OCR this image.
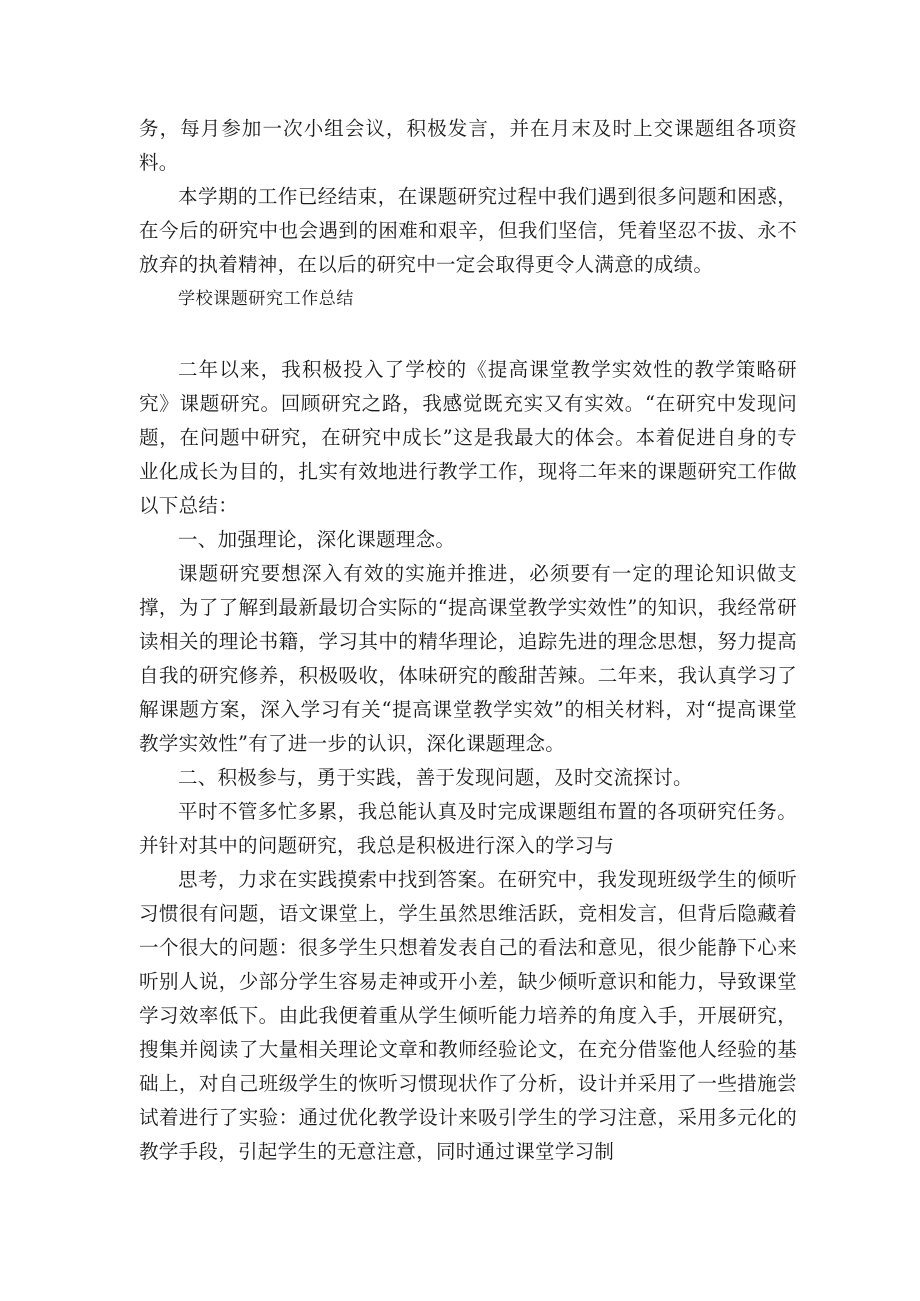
务，每月参加一次小组会议，积极发言，并在月末及时上交课题组各项资料。

本学期的工作已经结束，在课题研究过程中我们遇到很多问题和困惑，在今后的研究中也会遇到的困难和艰辛，但我们坚信，凭着坚忍不拔、永不放弃的执着精神，在以后的研究中一定会取得更令人满意的成绩。

学校课题研究工作总结

二年以来，我积极投入了学校的《提高课堂教学实效性的教学策略研究》课题研究。回顾研究之路，我感觉既充实又有实效。“在研究中发现问题，在问题中研究，在研究中成长”这是我最大的体会。本着促进自身的专业化成长为目的，扎实有效地进行教学工作，现将二年来的课题研究工作做以下总结：

一、加强理论，深化课题理念。

课题研究要想深入有效的实施并推进，必须要有一定的理论知识做支撑，为了了解到最新最切合实际的“提高课堂教学实效性”的知识，我经常研读相关的理论书籍，学习其中的精华理论，追踪先进的理念思想，努力提高自我的研究修养，积极吸收，体味研究的酸甜苦辣。二年来，我认真学习了解课题方案，深入学习有关“提高课堂教学实效”的相关材料，对“提高课堂教学实效性”有了进一步的认识，深化课题理念。

二、积极参与，勇于实践，善于发现问题，及时交流探讨。

平时不管多忙多累，我总能认真及时完成课题组布置的各项研究任务。并针对其中的问题研究，我总是积极进行深入的学习与

思考，力求在实践摸索中找到答案。在研究中，我发现班级学生的倾听习惯很有问题，语文课堂上，学生虽然思维活跃，竞相发言，但背后隐藏着一个很大的问题：很多学生只想着发表自己的看法和意见，很少能静下心来听别人说，少部分学生容易走神或开小差，缺少倾听意识和能力，导致课堂学习效率低下。由此我便着重从学生倾听能力培养的角度入手，开展研究，搜集并阅读了大量相关理论文章和教师经验论文，在充分借鉴他人经验的基础上，对自己班级学生的恢听习惯现状作了分析，设计并采用了一些措施尝试着进行了实验：通过优化教学设计来吸引学生的学习注意，采用多元化的教学手段，引起学生的无意注意，同时通过课堂学习制
